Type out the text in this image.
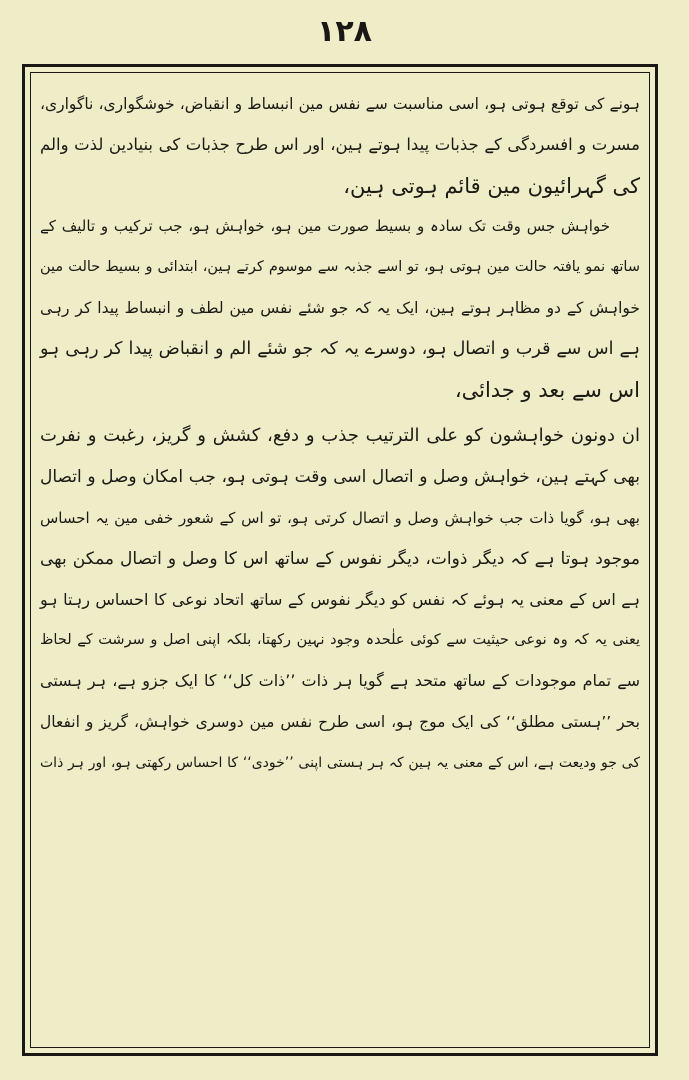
۱۲۸
ہونے کی توقع ہوتی ہو، اسی مناسبت سے نفس مین انبساط و انقباض، خوشگواری، ناگواری،
مسرت و افسردگی کے جذبات پیدا ہوتے ہین، اور اس طرح جذبات کی بنیادین لذت والم
کی گہرائیون مین قائم ہوتی ہین،
خواہش جس وقت تک سادہ و بسیط صورت مین ہو، خواہش ہو، جب ترکیب و تالیف کے
ساتھ نمو یافتہ حالت مین ہوتی ہو، تو اسے جذبہ سے موسوم کرتے ہین، ابتدائی و بسیط حالت مین
خواہش کے دو مظاہر ہوتے ہین، ایک یہ کہ جو شئے نفس مین لطف و انبساط پیدا کر رہی
ہے اس سے قرب و اتصال ہو، دوسرے یہ کہ جو شئے الم و انقباض پیدا کر رہی ہو
اس سے بعد و جدائی،
ان دونون خواہشون کو علی الترتیب جذب و دفع، کشش و گریز، رغبت و نفرت
بھی کہتے ہین، خواہش وصل و اتصال اسی وقت ہوتی ہو، جب امکان وصل و اتصال
بھی ہو، گویا ذات جب خواہش وصل و اتصال کرتی ہو، تو اس کے شعور خفی مین یہ احساس
موجود ہوتا ہے کہ دیگر ذوات، دیگر نفوس کے ساتھ اس کا وصل و اتصال ممکن بھی
ہے اس کے معنی یہ ہوئے کہ نفس کو دیگر نفوس کے ساتھ اتحاد نوعی کا احساس رہتا ہو
یعنی یہ کہ وہ نوعی حیثیت سے کوئی علٰحدہ وجود نہین رکھتا، بلکہ اپنی اصل و سرشت کے لحاظ
سے تمام موجودات کے ساتھ متحد ہے گویا ہر ذات ’’ذات کل‘‘ کا ایک جزو ہے، ہر ہستی
بحر ’’ہستی مطلق‘‘ کی ایک موج ہو، اسی طرح نفس مین دوسری خواہش، گریز و انفعال
کی جو ودیعت ہے، اس کے معنی یہ ہین کہ ہر ہستی اپنی ’’خودی‘‘ کا احساس رکھتی ہو، اور ہر ذات
